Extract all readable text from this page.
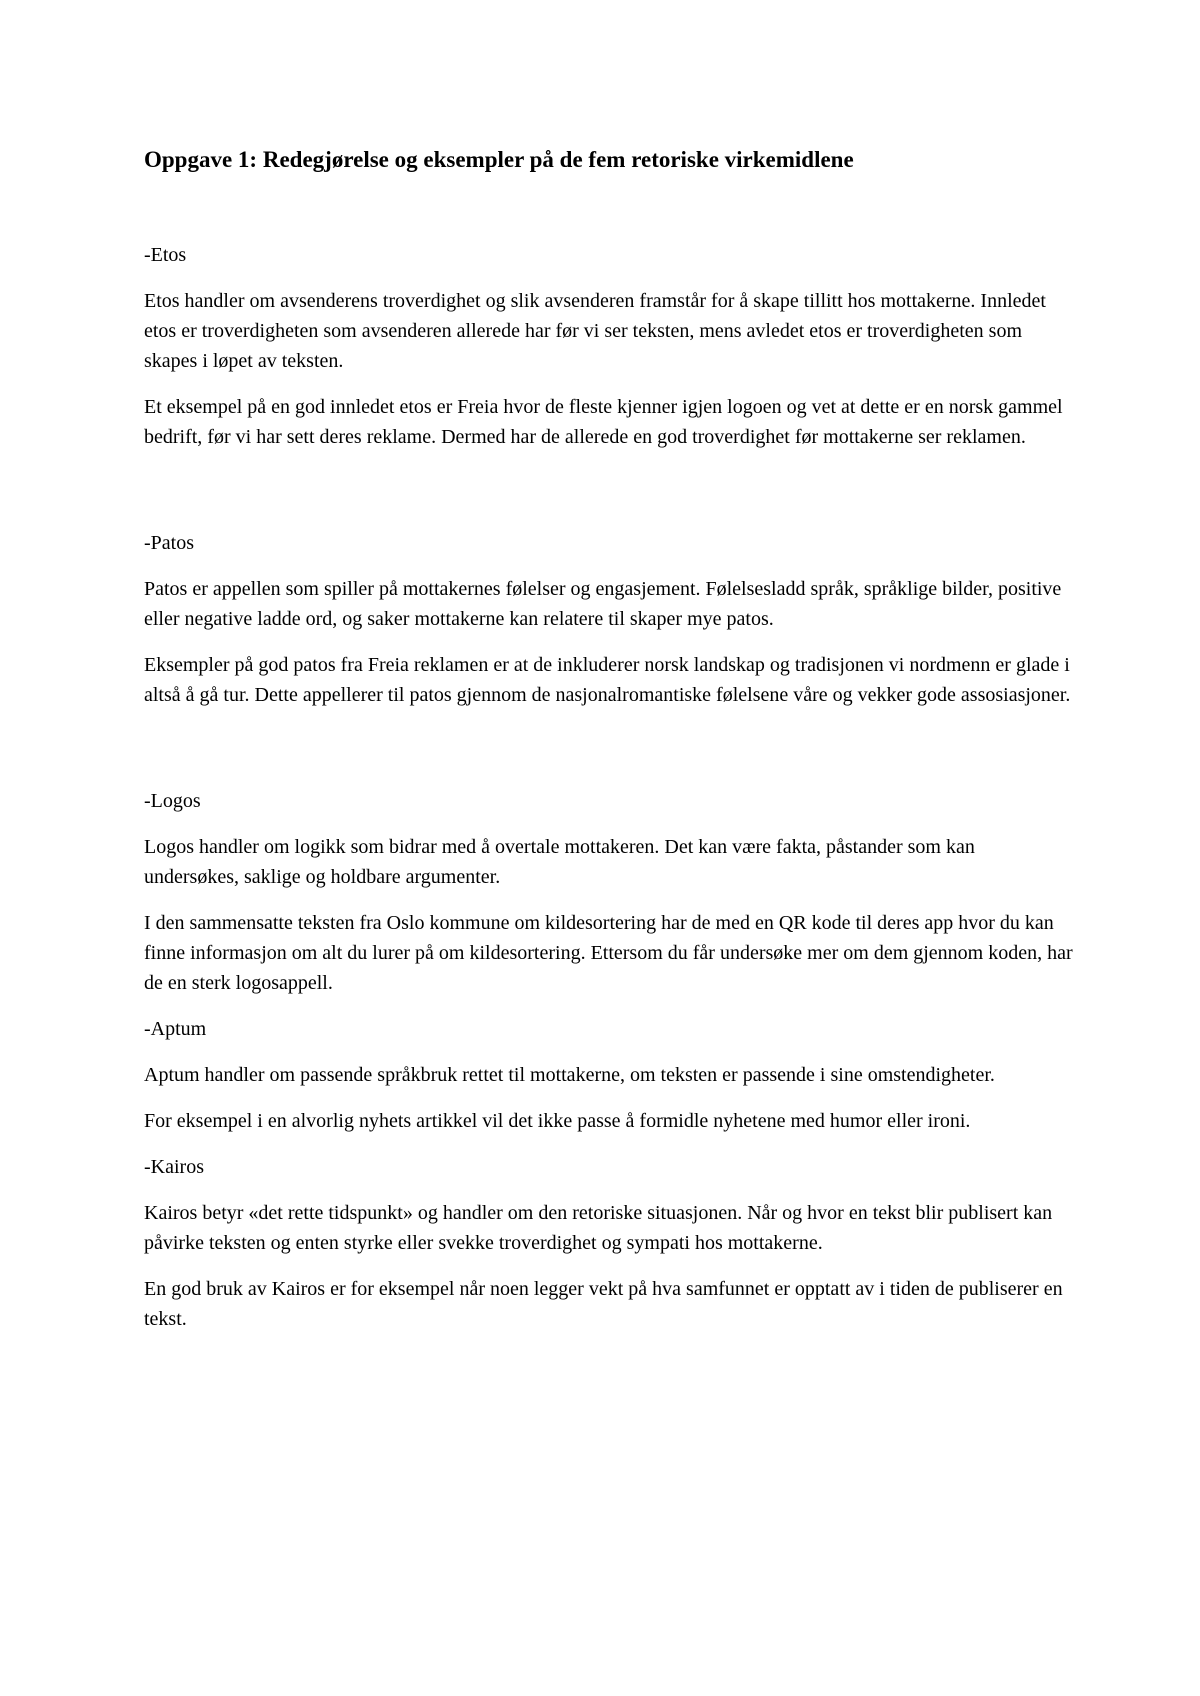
Oppgave 1: Redegjørelse og eksempler på de fem retoriske virkemidlene
-Etos

Etos handler om avsenderens troverdighet og slik avsenderen framstår for å skape tillitt hos mottakerne. Innledet etos er troverdigheten som avsenderen allerede har før vi ser teksten, mens avledet etos er troverdigheten som skapes i løpet av teksten.

Et eksempel på en god innledet etos er Freia hvor de fleste kjenner igjen logoen og vet at dette er en norsk gammel bedrift, før vi har sett deres reklame. Dermed har de allerede en god troverdighet før mottakerne ser reklamen.

-Patos

Patos er appellen som spiller på mottakernes følelser og engasjement. Følelsesladd språk, språklige bilder, positive eller negative ladde ord, og saker mottakerne kan relatere til skaper mye patos.

Eksempler på god patos fra Freia reklamen er at de inkluderer norsk landskap og tradisjonen vi nordmenn er glade i altså å gå tur. Dette appellerer til patos gjennom de nasjonalromantiske følelsene våre og vekker gode assosiasjoner.

-Logos

Logos handler om logikk som bidrar med å overtale mottakeren. Det kan være fakta, påstander som kan undersøkes, saklige og holdbare argumenter.

I den sammensatte teksten fra Oslo kommune om kildesortering har de med en QR kode til deres app hvor du kan finne informasjon om alt du lurer på om kildesortering. Ettersom du får undersøke mer om dem gjennom koden, har de en sterk logosappell.

-Aptum

Aptum handler om passende språkbruk rettet til mottakerne, om teksten er passende i sine omstendigheter.

For eksempel i en alvorlig nyhets artikkel vil det ikke passe å formidle nyhetene med humor eller ironi.

-Kairos

Kairos betyr «det rette tidspunkt» og handler om den retoriske situasjonen. Når og hvor en tekst blir publisert kan påvirke teksten og enten styrke eller svekke troverdighet og sympati hos mottakerne.

En god bruk av Kairos er for eksempel når noen legger vekt på hva samfunnet er opptatt av i tiden de publiserer en tekst.
